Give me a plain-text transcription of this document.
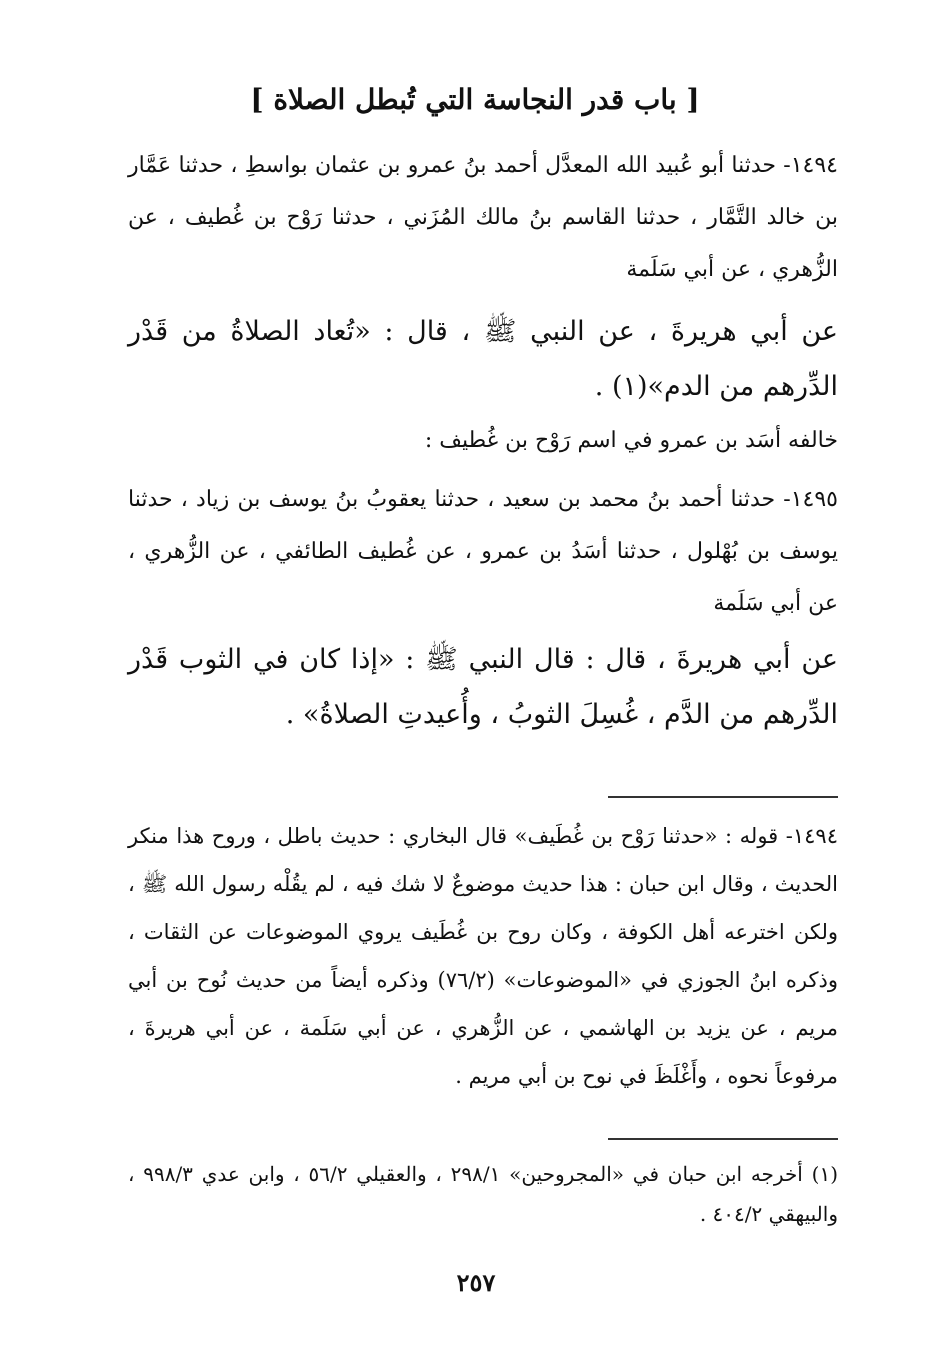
[ باب قدر النجاسة التي تُبطل الصلاة ]
١٤٩٤- حدثنا أبو عُبيد الله المعدَّل أحمد بنُ عمرو بن عثمان بواسطِ ، حدثنا عَمَّار بن خالد التَّمَّار ، حدثنا القاسم بنُ مالك المُزَني ، حدثنا رَوْح بن غُطيف ، عن الزُّهري ، عن أبي سَلَمة
عن أبي هريرةَ ، عن النبي ﷺ ، قال : «تُعاد الصلاةُ من قَدْر الدِّرهم من الدم»(١) .
خالفه أسَد بن عمرو في اسم رَوْح بن غُطيف :
١٤٩٥- حدثنا أحمد بنُ محمد بن سعيد ، حدثنا يعقوبُ بنُ يوسف بن زياد ، حدثنا يوسف بن بُهْلول ، حدثنا أسَدُ بن عمرو ، عن غُطيف الطائفي ، عن الزُّهري ، عن أبي سَلَمة
عن أبي هريرةَ ، قال : قال النبي ﷺ : «إذا كان في الثوب قَدْر الدِّرهم من الدَّم ، غُسِلَ الثوبُ ، وأُعيدتِ الصلاةُ» .
١٤٩٤- قوله : «حدثنا رَوْح بن غُطَيف» قال البخاري : حديث باطل ، وروح هذا منكر الحديث ، وقال ابن حبان : هذا حديث موضوعٌ لا شك فيه ، لم يقُلْه رسول الله ﷺ ، ولكن اخترعه أهل الكوفة ، وكان روح بن غُطَيف يروي الموضوعات عن الثقات ، وذكره ابنُ الجوزي في «الموضوعات» (٧٦/٢) وذكره أيضاً من حديث نُوح بن أبي مريم ، عن يزيد بن الهاشمي ، عن الزُّهري ، عن أبي سَلَمة ، عن أبي هريرةَ ، مرفوعاً نحوه ، وأَغْلَظَ في نوح بن أبي مريم .
(١) أخرجه ابن حبان في «المجروحين» ٢٩٨/١ ، والعقيلي ٥٦/٢ ، وابن عدي ٩٩٨/٣ ، والبيهقي ٤٠٤/٢ .
٢٥٧
